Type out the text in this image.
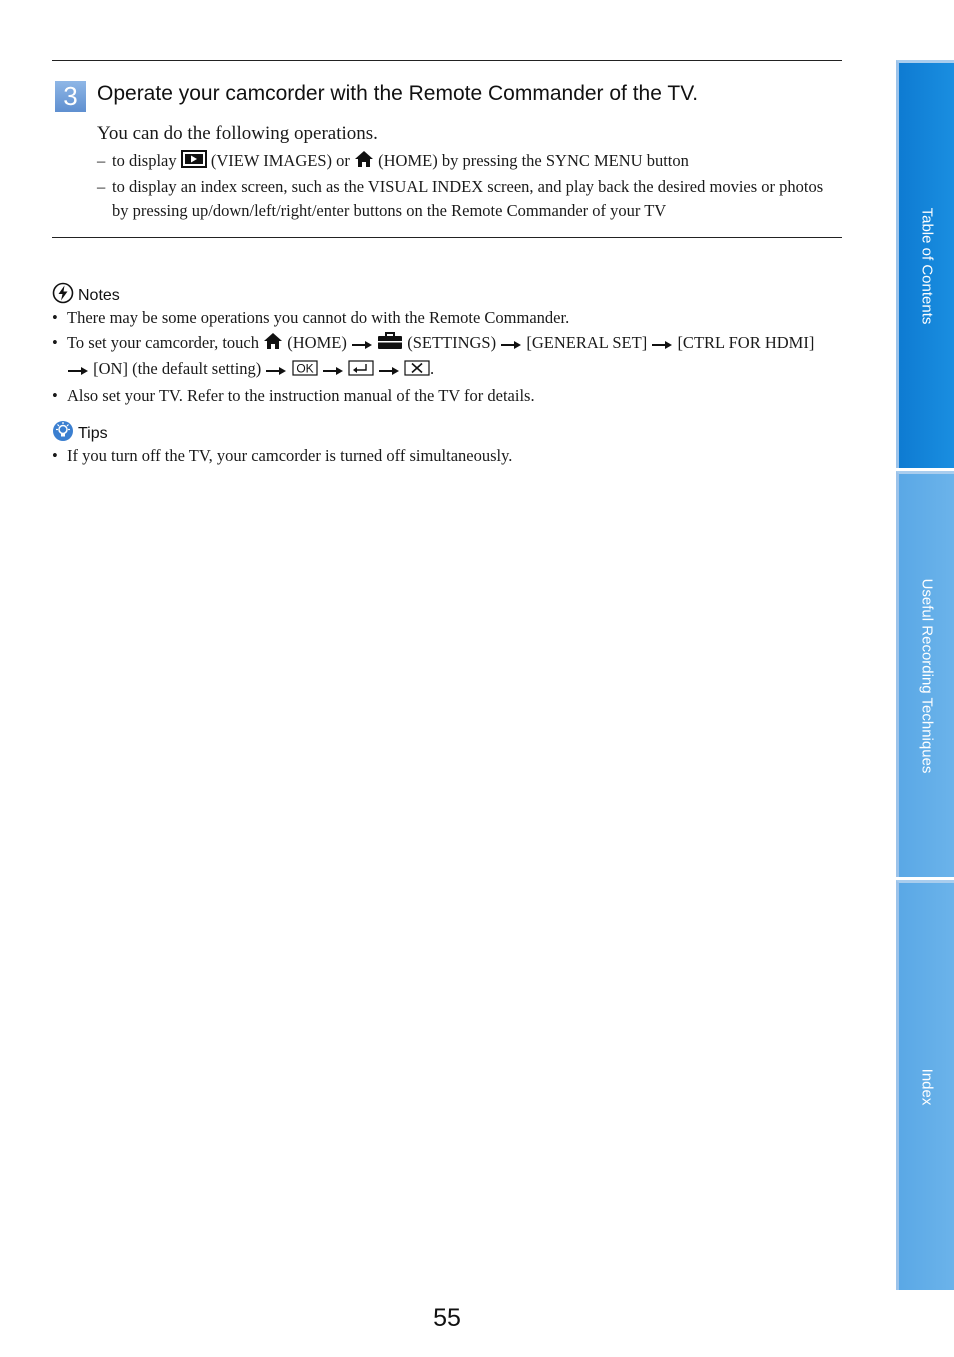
3 Operate your camcorder with the Remote Commander of the TV.
You can do the following operations.
– to display  (VIEW IMAGES) or  (HOME) by pressing the SYNC MENU button
– to display an index screen, such as the VISUAL INDEX screen, and play back the desired movies or photos by pressing up/down/left/right/enter buttons on the Remote Commander of your TV
Notes
• There may be some operations you cannot do with the Remote Commander.
• To set your camcorder, touch  (HOME)	(SETTINGS)  [GENERAL SET]  [CTRL FOR HDMI]  [ON] (the default setting)	OK	.
• Also set your TV. Refer to the instruction manual of the TV for details.
Tips
• If you turn off the TV, your camcorder is turned off simultaneously.
Table of Contents
Useful Recording Techniques
Index
55
